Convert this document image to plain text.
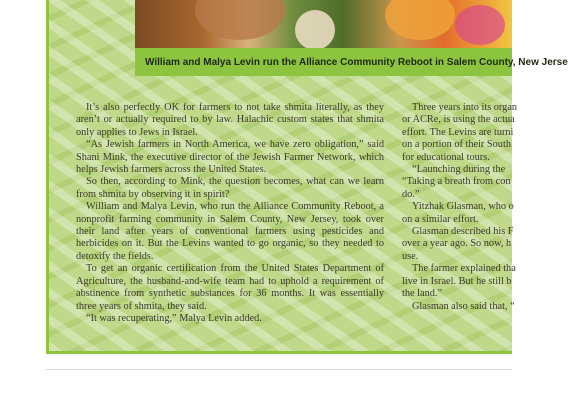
William and Malya Levin run the Alliance Community Reboot in Salem County, New Jerse

It’s also perfectly OK for farmers to not take shmita literally, as they aren’t or actually required to by law. Halachic custom states that shmita only applies to Jews in Israel.

“As Jewish farmers in North America, we have zero obligation,” said Shani Mink, the executive director of the Jewish Farmer Network, which helps Jewish farmers across the United States.

So then, according to Mink, the question becomes, what can we learn from shmita by observing it in spirit?

William and Malya Levin, who run the Alliance Community Reboot, a nonprofit farming community in Salem County, New Jersey, took over their land after years of conventional farmers using pesticides and herbicides on it. But the Levins wanted to go organic, so they needed to detoxify the fields.

To get an organic certification from the United States Department of Agriculture, the husband-and-wife team had to uphold a requirement of abstinence from synthetic substances for 36 months. It was essentially three years of shmita, they said.

“It was recuperating,” Malya Levin added.

Three years into its organ
or ACRe, is using the actua
effort. The Levins are turni
on a portion of their South
for educational tours.
“Launching during the
“Taking a breath from con
do.”
Yitzhak Glasman, who o
on a similar effort.
Glasman described his F
over a year ago. So now, h
use.
The farmer explained tha
live in Israel. But he still b
the land.”
Glasman also said that, “
